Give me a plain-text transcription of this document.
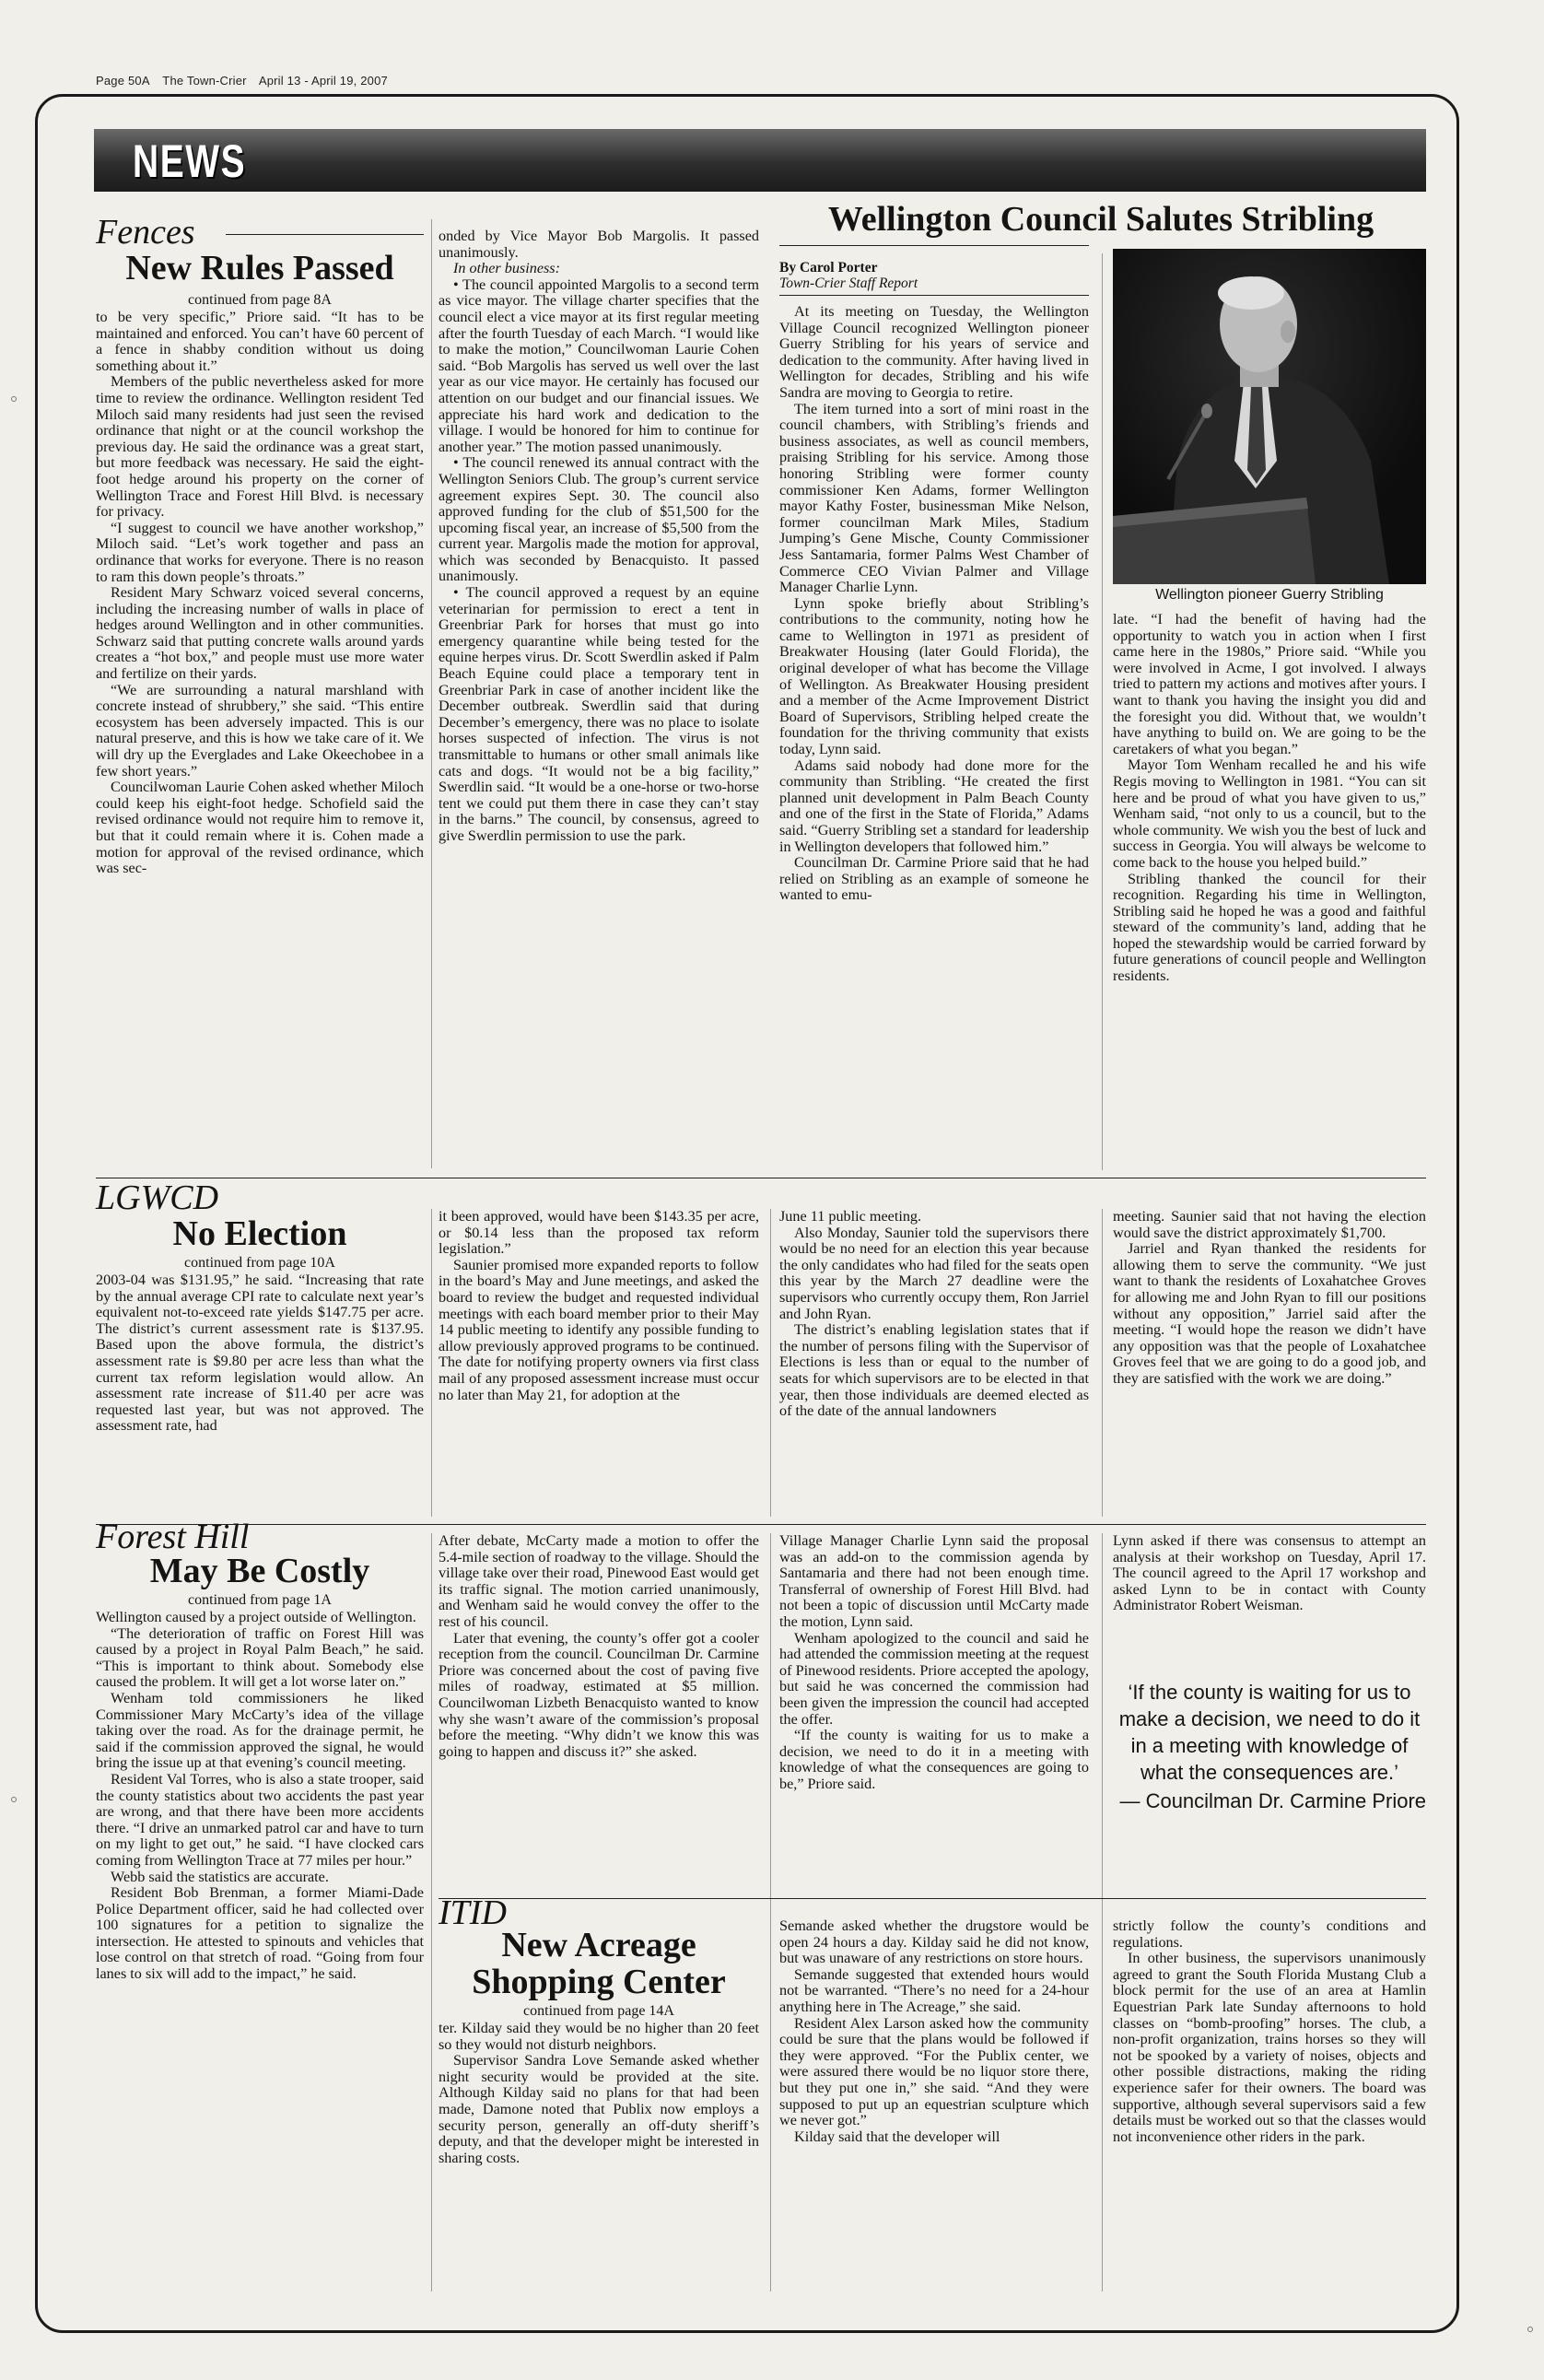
Page 50A The Town-Crier April 13 - April 19, 2007
NEWS
Fences
New Rules Passed
continued from page 8A

to be very specific,” Priore said. “It has to be maintained and enforced. You can’t have 60 percent of a fence in shabby condition without us doing something about it.”

Members of the public nevertheless asked for more time to review the ordinance. Wellington resident Ted Miloch said many residents had just seen the revised ordinance that night or at the council workshop the previous day. He said the ordinance was a great start, but more feedback was necessary. He said the eight-foot hedge around his property on the corner of Wellington Trace and Forest Hill Blvd. is necessary for privacy.

“I suggest to council we have another workshop,” Miloch said. “Let’s work together and pass an ordinance that works for everyone. There is no reason to ram this down people’s throats.”

Resident Mary Schwarz voiced several concerns, including the increasing number of walls in place of hedges around Wellington and in other communities. Schwarz said that putting concrete walls around yards creates a “hot box,” and people must use more water and fertilize on their yards.

“We are surrounding a natural marshland with concrete instead of shrubbery,” she said. “This entire ecosystem has been adversely impacted. This is our natural preserve, and this is how we take care of it. We will dry up the Everglades and Lake Okeechobee in a few short years.”

Councilwoman Laurie Cohen asked whether Miloch could keep his eight-foot hedge. Schofield said the revised ordinance would not require him to remove it, but that it could remain where it is. Cohen made a motion for approval of the revised ordinance, which was sec-

onded by Vice Mayor Bob Margolis. It passed unanimously.

In other business:

• The council appointed Margolis to a second term as vice mayor. The village charter specifies that the council elect a vice mayor at its first regular meeting after the fourth Tuesday of each March. “I would like to make the motion,” Councilwoman Laurie Cohen said. “Bob Margolis has served us well over the last year as our vice mayor. He certainly has focused our attention on our budget and our financial issues. We appreciate his hard work and dedication to the village. I would be honored for him to continue for another year.” The motion passed unanimously.

• The council renewed its annual contract with the Wellington Seniors Club. The group’s current service agreement expires Sept. 30. The council also approved funding for the club of $51,500 for the upcoming fiscal year, an increase of $5,500 from the current year. Margolis made the motion for approval, which was seconded by Benacquisto. It passed unanimously.

• The council approved a request by an equine veterinarian for permission to erect a tent in Greenbriar Park for horses that must go into emergency quarantine while being tested for the equine herpes virus. Dr. Scott Swerdlin asked if Palm Beach Equine could place a temporary tent in Greenbriar Park in case of another incident like the December outbreak. Swerdlin said that during December’s emergency, there was no place to isolate horses suspected of infection. The virus is not transmittable to humans or other small animals like cats and dogs. “It would not be a big facility,” Swerdlin said. “It would be a one-horse or two-horse tent we could put them there in case they can’t stay in the barns.” The council, by consensus, agreed to give Swerdlin permission to use the park.

Wellington Council Salutes Stribling
By Carol Porter
Town-Crier Staff Report

At its meeting on Tuesday, the Wellington Village Council recognized Wellington pioneer Guerry Stribling for his years of service and dedication to the community. After having lived in Wellington for decades, Stribling and his wife Sandra are moving to Georgia to retire.

The item turned into a sort of mini roast in the council chambers, with Stribling’s friends and business associates, as well as council members, praising Stribling for his service. Among those honoring Stribling were former county commissioner Ken Adams, former Wellington mayor Kathy Foster, businessman Mike Nelson, former councilman Mark Miles, Stadium Jumping’s Gene Mische, County Commissioner Jess Santamaria, former Palms West Chamber of Commerce CEO Vivian Palmer and Village Manager Charlie Lynn.

Lynn spoke briefly about Stribling’s contributions to the community, noting how he came to Wellington in 1971 as president of Breakwater Housing (later Gould Florida), the original developer of what has become the Village of Wellington. As Breakwater Housing president and a member of the Acme Improvement District Board of Supervisors, Stribling helped create the foundation for the thriving community that exists today, Lynn said.

Adams said nobody had done more for the community than Stribling. “He created the first planned unit development in Palm Beach County and one of the first in the State of Florida,” Adams said. “Guerry Stribling set a standard for leadership in Wellington developers that followed him.”

Councilman Dr. Carmine Priore said that he had relied on Stribling as an example of someone he wanted to emu-

Wellington pioneer Guerry Stribling

late. “I had the benefit of having had the opportunity to watch you in action when I first came here in the 1980s,” Priore said. “While you were involved in Acme, I got involved. I always tried to pattern my actions and motives after yours. I want to thank you having the insight you did and the foresight you did. Without that, we wouldn’t have anything to build on. We are going to be the caretakers of what you began.”

Mayor Tom Wenham recalled he and his wife Regis moving to Wellington in 1981. “You can sit here and be proud of what you have given to us,” Wenham said, “not only to us a council, but to the whole community. We wish you the best of luck and success in Georgia. You will always be welcome to come back to the house you helped build.”

Stribling thanked the council for their recognition. Regarding his time in Wellington, Stribling said he hoped he was a good and faithful steward of the community’s land, adding that he hoped the stewardship would be carried forward by future generations of council people and Wellington residents.

LGWCD
No Election
continued from page 10A

2003-04 was $131.95,” he said. “Increasing that rate by the annual average CPI rate to calculate next year’s equivalent not-to-exceed rate yields $147.75 per acre. The district’s current assessment rate is $137.95. Based upon the above formula, the district’s assessment rate is $9.80 per acre less than what the current tax reform legislation would allow. An assessment rate increase of $11.40 per acre was requested last year, but was not approved. The assessment rate, had

it been approved, would have been $143.35 per acre, or $0.14 less than the proposed tax reform legislation.”

Saunier promised more expanded reports to follow in the board’s May and June meetings, and asked the board to review the budget and requested individual meetings with each board member prior to their May 14 public meeting to identify any possible funding to allow previously approved programs to be continued. The date for notifying property owners via first class mail of any proposed assessment increase must occur no later than May 21, for adoption at the

June 11 public meeting.

Also Monday, Saunier told the supervisors there would be no need for an election this year because the only candidates who had filed for the seats open this year by the March 27 deadline were the supervisors who currently occupy them, Ron Jarriel and John Ryan.

The district’s enabling legislation states that if the number of persons filing with the Supervisor of Elections is less than or equal to the number of seats for which supervisors are to be elected in that year, then those individuals are deemed elected as of the date of the annual landowners

meeting. Saunier said that not having the election would save the district approximately $1,700.

Jarriel and Ryan thanked the residents for allowing them to serve the community. “We just want to thank the residents of Loxahatchee Groves for allowing me and John Ryan to fill our positions without any opposition,” Jarriel said after the meeting. “I would hope the reason we didn’t have any opposition was that the people of Loxahatchee Groves feel that we are going to do a good job, and they are satisfied with the work we are doing.”

Forest Hill
May Be Costly
continued from page 1A

Wellington caused by a project outside of Wellington.

“The deterioration of traffic on Forest Hill was caused by a project in Royal Palm Beach,” he said. “This is important to think about. Somebody else caused the problem. It will get a lot worse later on.”

Wenham told commissioners he liked Commissioner Mary McCarty’s idea of the village taking over the road. As for the drainage permit, he said if the commission approved the signal, he would bring the issue up at that evening’s council meeting.

Resident Val Torres, who is also a state trooper, said the county statistics about two accidents the past year are wrong, and that there have been more accidents there. “I drive an unmarked patrol car and have to turn on my light to get out,” he said. “I have clocked cars coming from Wellington Trace at 77 miles per hour.”

Webb said the statistics are accurate.

Resident Bob Brenman, a former Miami-Dade Police Department officer, said he had collected over 100 signatures for a petition to signalize the intersection. He attested to spinouts and vehicles that lose control on that stretch of road. “Going from four lanes to six will add to the impact,” he said.

After debate, McCarty made a motion to offer the 5.4-mile section of roadway to the village. Should the village take over their road, Pinewood East would get its traffic signal. The motion carried unanimously, and Wenham said he would convey the offer to the rest of his council.

Later that evening, the county’s offer got a cooler reception from the council. Councilman Dr. Carmine Priore was concerned about the cost of paving five miles of roadway, estimated at $5 million. Councilwoman Lizbeth Benacquisto wanted to know why she wasn’t aware of the commission’s proposal before the meeting. “Why didn’t we know this was going to happen and discuss it?” she asked.

Village Manager Charlie Lynn said the proposal was an add-on to the commission agenda by Santamaria and there had not been enough time. Transferral of ownership of Forest Hill Blvd. had not been a topic of discussion until McCarty made the motion, Lynn said.

Wenham apologized to the council and said he had attended the commission meeting at the request of Pinewood residents. Priore accepted the apology, but said he was concerned the commission had been given the impression the council had accepted the offer.

“If the county is waiting for us to make a decision, we need to do it in a meeting with knowledge of what the consequences are going to be,” Priore said.

Lynn asked if there was consensus to attempt an analysis at their workshop on Tuesday, April 17. The council agreed to the April 17 workshop and asked Lynn to be in contact with County Administrator Robert Weisman.

‘If the county is waiting for us to make a decision, we need to do it in a meeting with knowledge of what the consequences are.’
— Councilman Dr. Carmine Priore
ITID
New Acreage
Shopping Center
continued from page 14A

ter. Kilday said they would be no higher than 20 feet so they would not disturb neighbors.

Supervisor Sandra Love Semande asked whether night security would be provided at the site. Although Kilday said no plans for that had been made, Damone noted that Publix now employs a security person, generally an off-duty sheriff’s deputy, and that the developer might be interested in sharing costs.

Semande asked whether the drugstore would be open 24 hours a day. Kilday said he did not know, but was unaware of any restrictions on store hours.

Semande suggested that extended hours would not be warranted. “There’s no need for a 24-hour anything here in The Acreage,” she said.

Resident Alex Larson asked how the community could be sure that the plans would be followed if they were approved. “For the Publix center, we were assured there would be no liquor store there, but they put one in,” she said. “And they were supposed to put up an equestrian sculpture which we never got.”

Kilday said that the developer will

strictly follow the county’s conditions and regulations.

In other business, the supervisors unanimously agreed to grant the South Florida Mustang Club a block permit for the use of an area at Hamlin Equestrian Park late Sunday afternoons to hold classes on “bomb-proofing” horses. The club, a non-profit organization, trains horses so they will not be spooked by a variety of noises, objects and other possible distractions, making the riding experience safer for their owners. The board was supportive, although several supervisors said a few details must be worked out so that the classes would not inconvenience other riders in the park.
